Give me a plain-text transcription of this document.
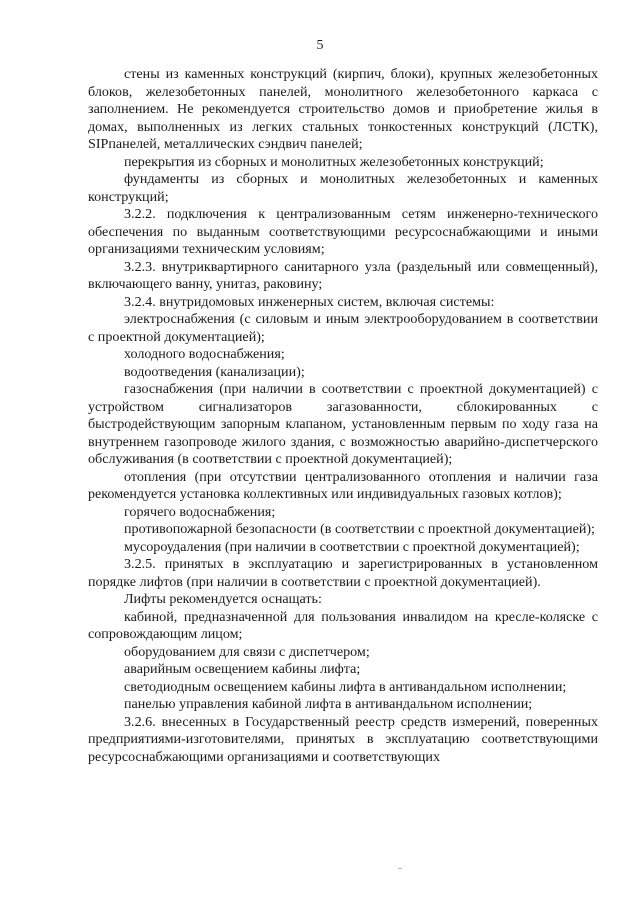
5

стены из каменных конструкций (кирпич, блоки), крупных железобетонных блоков, железобетонных панелей, монолитного железобетонного каркаса с заполнением. Не рекомендуется строительство домов и приобретение жилья в домах, выполненных из легких стальных тонкостенных конструкций (ЛСТК), SIPпанелей, металлических сэндвич панелей;

перекрытия из сборных и монолитных железобетонных конструкций;

фундаменты из сборных и монолитных железобетонных и каменных конструкций;

3.2.2. подключения к централизованным сетям инженерно-технического обеспечения по выданным соответствующими ресурсоснабжающими и иными организациями техническим условиям;

3.2.3. внутриквартирного санитарного узла (раздельный или совмещенный), включающего ванну, унитаз, раковину;

3.2.4. внутридомовых инженерных систем, включая системы:

электроснабжения (с силовым и иным электрооборудованием в соответствии с проектной документацией);

холодного водоснабжения;

водоотведения (канализации);

газоснабжения (при наличии в соответствии с проектной документацией) с устройством сигнализаторов загазованности, сблокированных с быстродействующим запорным клапаном, установленным первым по ходу газа на внутреннем газопроводе жилого здания, с возможностью аварийно-диспетчерского обслуживания (в соответствии с проектной документацией);

отопления (при отсутствии централизованного отопления и наличии газа рекомендуется установка коллективных или индивидуальных газовых котлов);

горячего водоснабжения;

противопожарной безопасности (в соответствии с проектной документацией);

мусороудаления (при наличии в соответствии с проектной документацией);

3.2.5. принятых в эксплуатацию и зарегистрированных в установленном порядке лифтов (при наличии в соответствии с проектной документацией).

Лифты рекомендуется оснащать:

кабиной, предназначенной для пользования инвалидом на кресле-коляске с сопровождающим лицом;

оборудованием для связи с диспетчером;

аварийным освещением кабины лифта;

светодиодным освещением кабины лифта в антивандальном исполнении;

панелью управления кабиной лифта в антивандальном исполнении;

3.2.6. внесенных в Государственный реестр средств измерений, поверенных предприятиями-изготовителями, принятых в эксплуатацию соответствующими ресурсоснабжающими организациями и соответствующих
